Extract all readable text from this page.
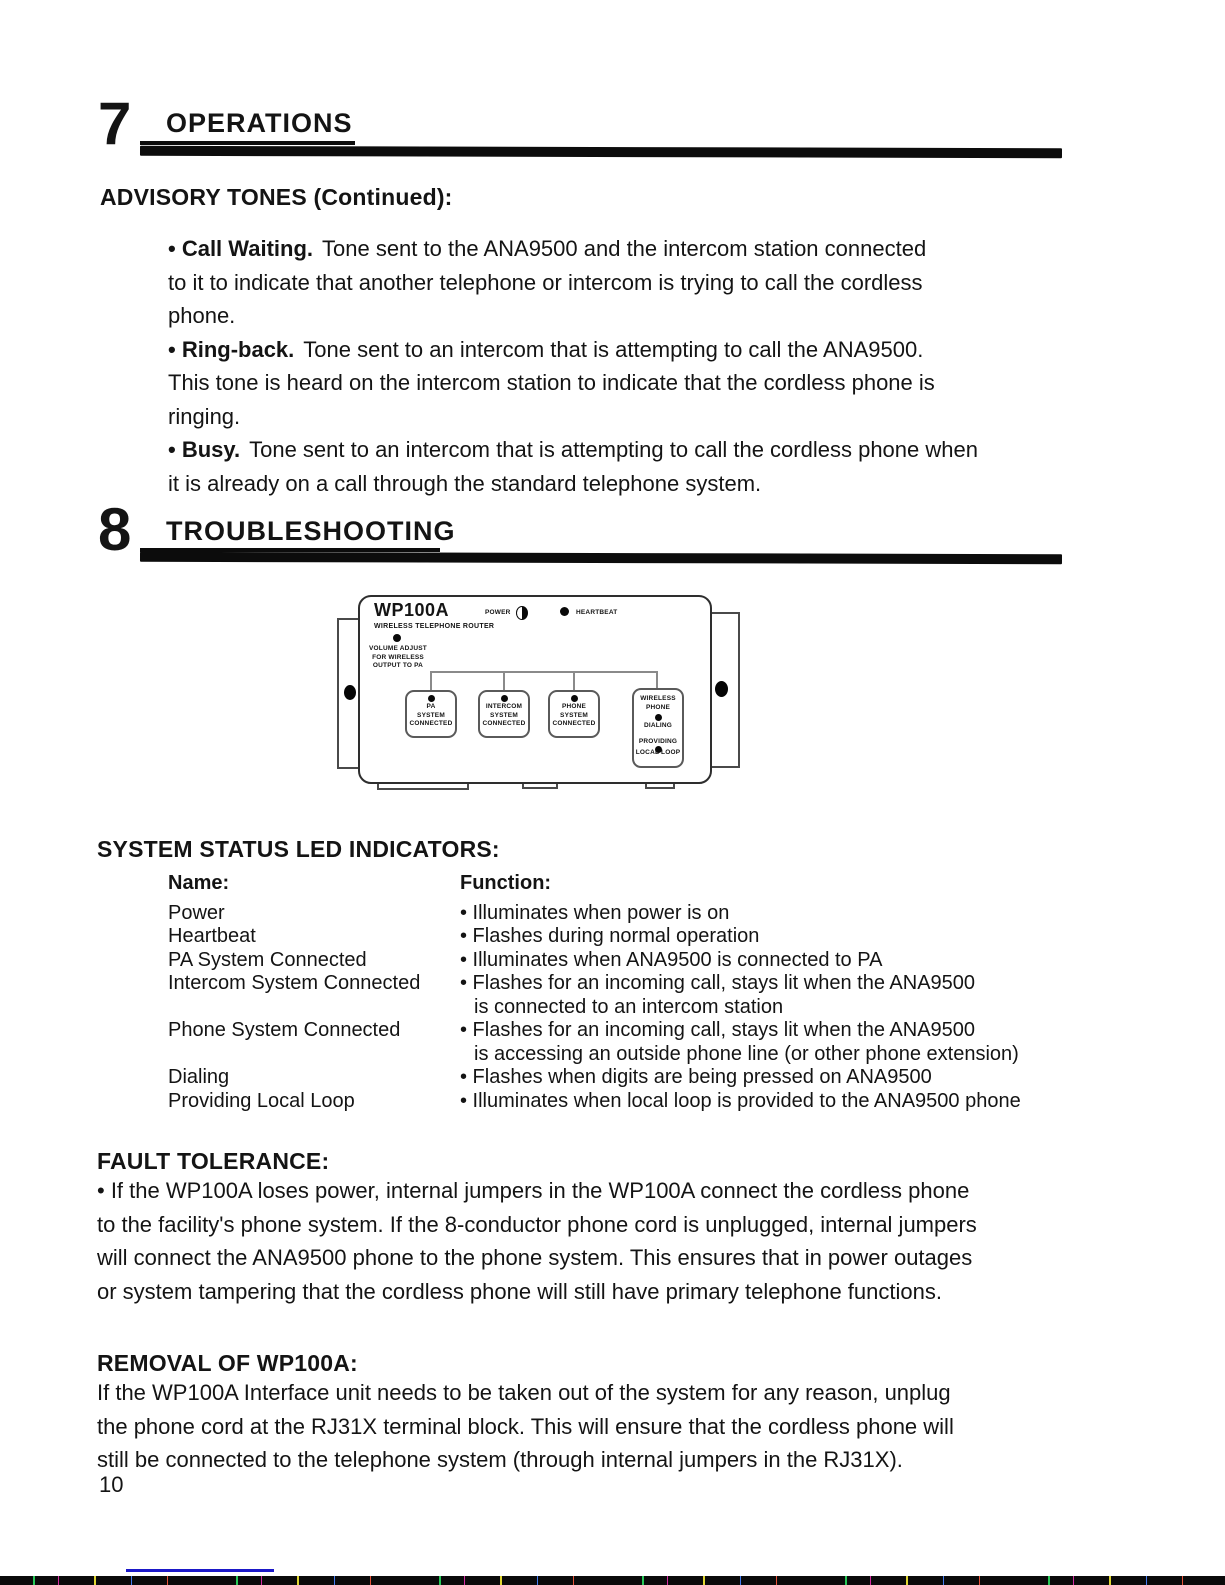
7 OPERATIONS
ADVISORY TONES (Continued):
• Call Waiting. Tone sent to the ANA9500 and the intercom station connected
to it to indicate that another telephone or intercom is trying to call the cordless
phone.
• Ring-back. Tone sent to an intercom that is attempting to call the ANA9500.
This tone is heard on the intercom station to indicate that the cordless phone is
ringing.
• Busy. Tone sent to an intercom that is attempting to call the cordless phone when
it is already on a call through the standard telephone system.
8 TROUBLESHOOTING
WP100A
WIRELESS TELEPHONE ROUTER
VOLUME ADJUST
FOR WIRELESS
OUTPUT TO PA
POWER	HEARTBEAT
PA
SYSTEM
CONNECTED
INTERCOM
SYSTEM
CONNECTED
PHONE
SYSTEM
CONNECTED
WIRELESS
PHONE
DIALING
PROVIDING
LOCAL LOOP
SYSTEM STATUS LED INDICATORS:
Name:	Function:
Power	• Illuminates when power is on
Heartbeat	• Flashes during normal operation
PA System Connected	• Illuminates when ANA9500 is connected to PA
Intercom System Connected	• Flashes for an incoming call, stays lit when the ANA9500
is connected to an intercom station
Phone System Connected	• Flashes for an incoming call, stays lit when the ANA9500
is accessing an outside phone line (or other phone extension)
Dialing	• Flashes when digits are being pressed on ANA9500
Providing Local Loop	• Illuminates when local loop is provided to the ANA9500 phone
FAULT TOLERANCE:
• If the WP100A loses power, internal jumpers in the WP100A connect the cordless phone
to the facility's phone system. If the 8-conductor phone cord is unplugged, internal jumpers
will connect the ANA9500 phone to the phone system. This ensures that in power outages
or system tampering that the cordless phone will still have primary telephone functions.
REMOVAL OF WP100A:
If the WP100A Interface unit needs to be taken out of the system for any reason, unplug
the phone cord at the RJ31X terminal block. This will ensure that the cordless phone will
still be connected to the telephone system (through internal jumpers in the RJ31X).
10
